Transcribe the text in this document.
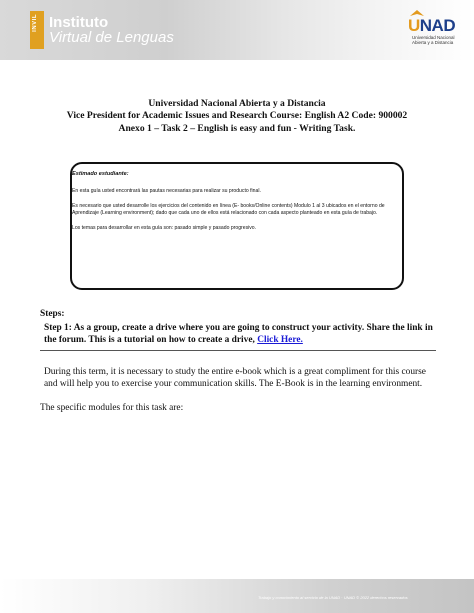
INVIL Instituto
Virtual de Lenguas
UNAD
Universidad Nacional
Abierta y a Distancia
Universidad Nacional Abierta y a Distancia
Vice President for Academic Issues and Research Course: English A2 Code: 900002
Anexo 1 – Task 2 – English is easy and fun - Writing Task.
Estimado estudiante:
En esta guía usted encontrará las pautas necesarias para realizar su producto final.
Es necesario que usted desarrolle los ejercicios del contenido en línea (E- books/Online contents) Modulo 1 al 3 ubicados en el entorno de Aprendizaje (Learning environment); dado que cada uno de ellos está relacionado con cada aspecto planteado en esta guía de trabajo.
Los temas para desarrollar en esta guía son: pasado simple y pasado progresivo.
Steps:
Step 1: As a group, create a drive where you are going to construct your activity. Share the link in the forum. This is a tutorial on how to create a drive, Click Here.
During this term, it is necessary to study the entire e-book which is a great compliment for this course and will help you to exercise your communication skills. The E-Book is in the learning environment.
The specific modules for this task are:
Trabajo y conocimiento al servicio de la UNAD · UNAD © 2022 derechos reservados
